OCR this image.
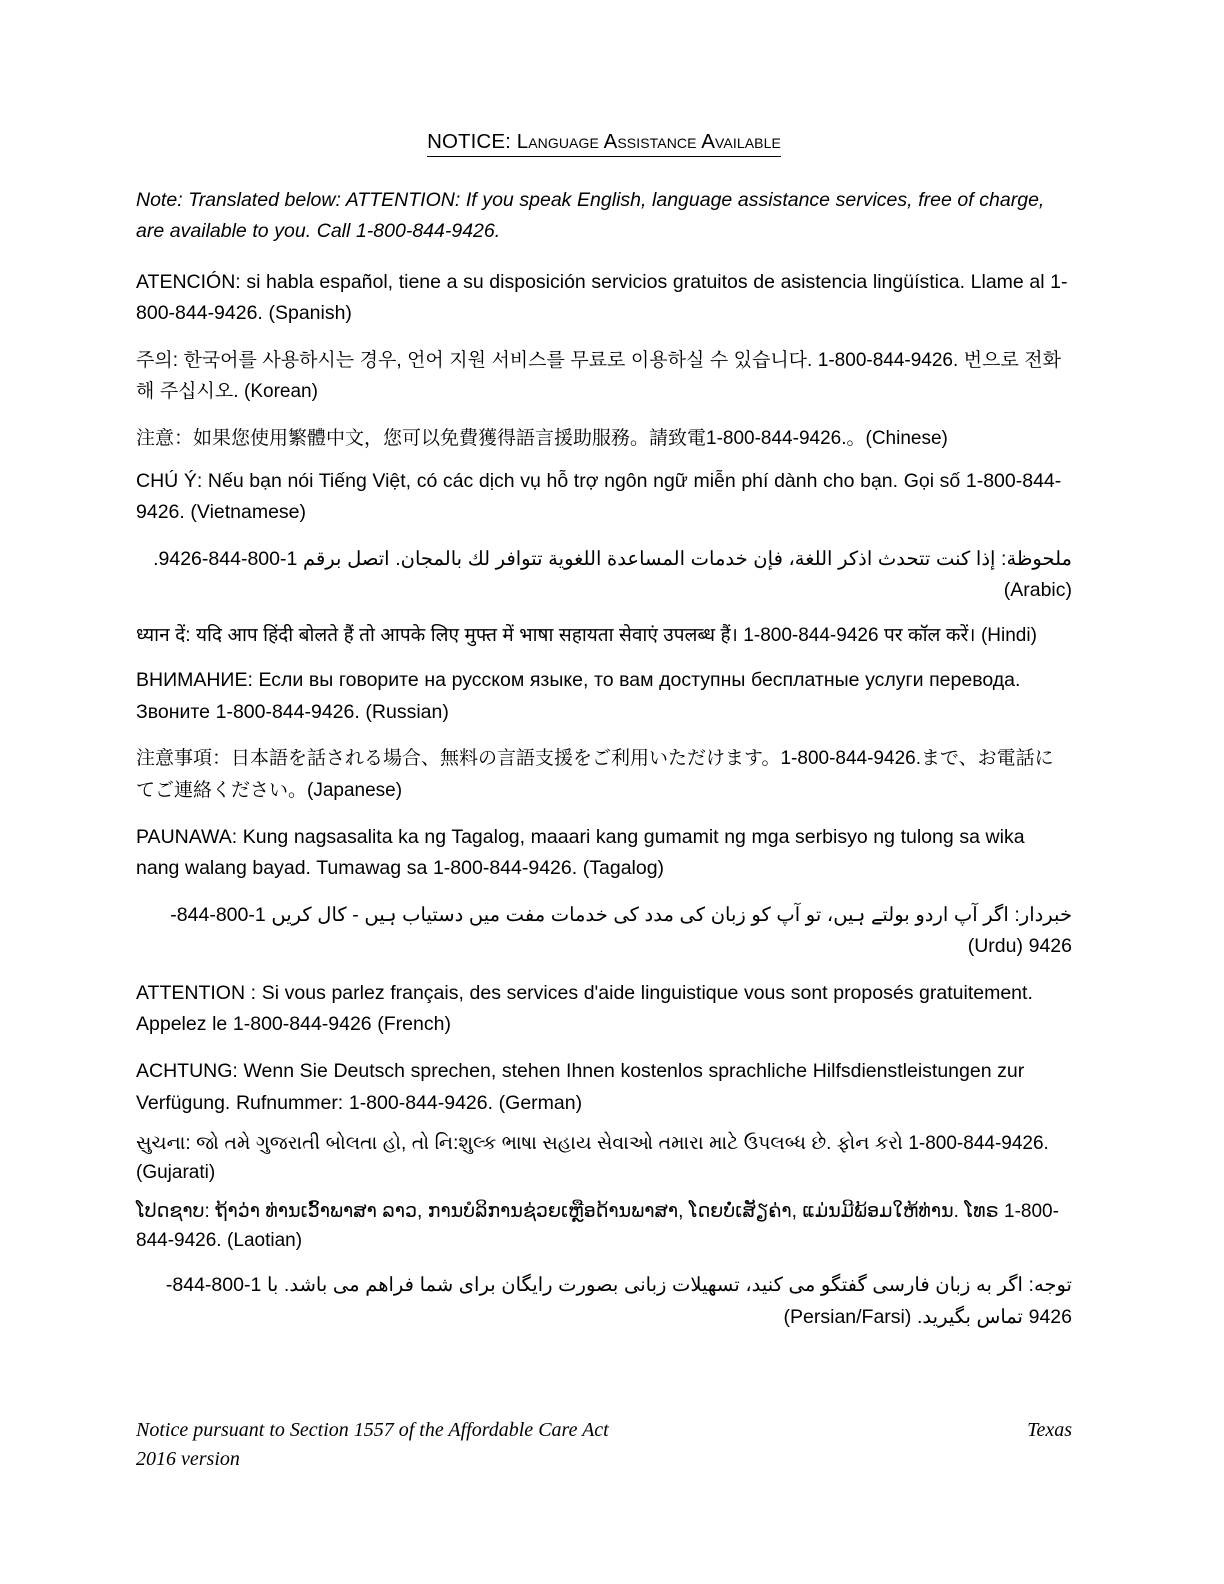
NOTICE: Language Assistance Available

Note: Translated below: ATTENTION: If you speak English, language assistance services, free of charge, are available to you. Call 1-800-844-9426.

ATENCIÓN: si habla español, tiene a su disposición servicios gratuitos de asistencia lingüística. Llame al 1-800-844-9426. (Spanish)

주의: 한국어를 사용하시는 경우, 언어 지원 서비스를 무료로 이용하실 수 있습니다. 1-800-844-9426. 번으로 전화해 주십시오. (Korean)

注意：如果您使用繁體中文，您可以免費獲得語言援助服務。請致電1-800-844-9426.。(Chinese)

CHÚ Ý: Nếu bạn nói Tiếng Việt, có các dịch vụ hỗ trợ ngôn ngữ miễn phí dành cho bạn. Gọi số 1-800-844-9426. (Vietnamese)

ملحوظة: إذا كنت تتحدث اذكر اللغة، فإن خدمات المساعدة اللغوية تتوافر لك بالمجان. اتصل برقم 1-800-844-9426. (Arabic)

ध्यान दें: यदि आप हिंदी बोलते हैं तो आपके लिए मुफ्त में भाषा सहायता सेवाएं उपलब्ध हैं। 1-800-844-9426 पर कॉल करें। (Hindi)

ВНИМАНИЕ: Если вы говорите на русском языке, то вам доступны бесплатные услуги перевода. Звоните 1-800-844-9426. (Russian)

注意事項：日本語を話される場合、無料の言語支援をご利用いただけます。1-800-844-9426.まで、お電話にてご連絡ください。(Japanese)

PAUNAWA: Kung nagsasalita ka ng Tagalog, maaari kang gumamit ng mga serbisyo ng tulong sa wika nang walang bayad. Tumawag sa 1-800-844-9426. (Tagalog)

خبردار: اگر آپ اردو بولتے ہیں، تو آپ کو زبان کی مدد کی خدمات مفت میں دستیاب ہیں - کال کریں 1-800-844-9426 (Urdu)

ATTENTION : Si vous parlez français, des services d'aide linguistique vous sont proposés gratuitement. Appelez le 1-800-844-9426 (French)

ACHTUNG: Wenn Sie Deutsch sprechen, stehen Ihnen kostenlos sprachliche Hilfsdienstleistungen zur Verfügung. Rufnummer: 1-800-844-9426. (German)

સુચના: જો તમે ગુજરાતી બોલતા હો, તો નિ:શુલ્ક ભાષા સહાય સેવાઓ તમારા માટે ઉપલબ્ધ છે. ફોન કરો 1-800-844-9426. (Gujarati)

ໂປດຊາບ: ຖ້າວ່າ ທ່ານເວົ້າພາສາ ລາວ, ການບໍລິການຊ່ວຍເຫຼືອດ້ານພາສາ, ໂດຍບໍ່ເສັຽຄ່າ, ແມ່ນມີພ້ອມໃຫ້ທ່ານ. ໂທຣ 1-800-844-9426. (Laotian)

توجه: اگر به زبان فارسی گفتگو می کنید، تسهیلات زبانی بصورت رایگان برای شما فراهم می باشد. با 1-800-844-9426 تماس بگیرید. (Persian/Farsi)

Notice pursuant to Section 1557 of the Affordable Care Act
2016 version
Texas
